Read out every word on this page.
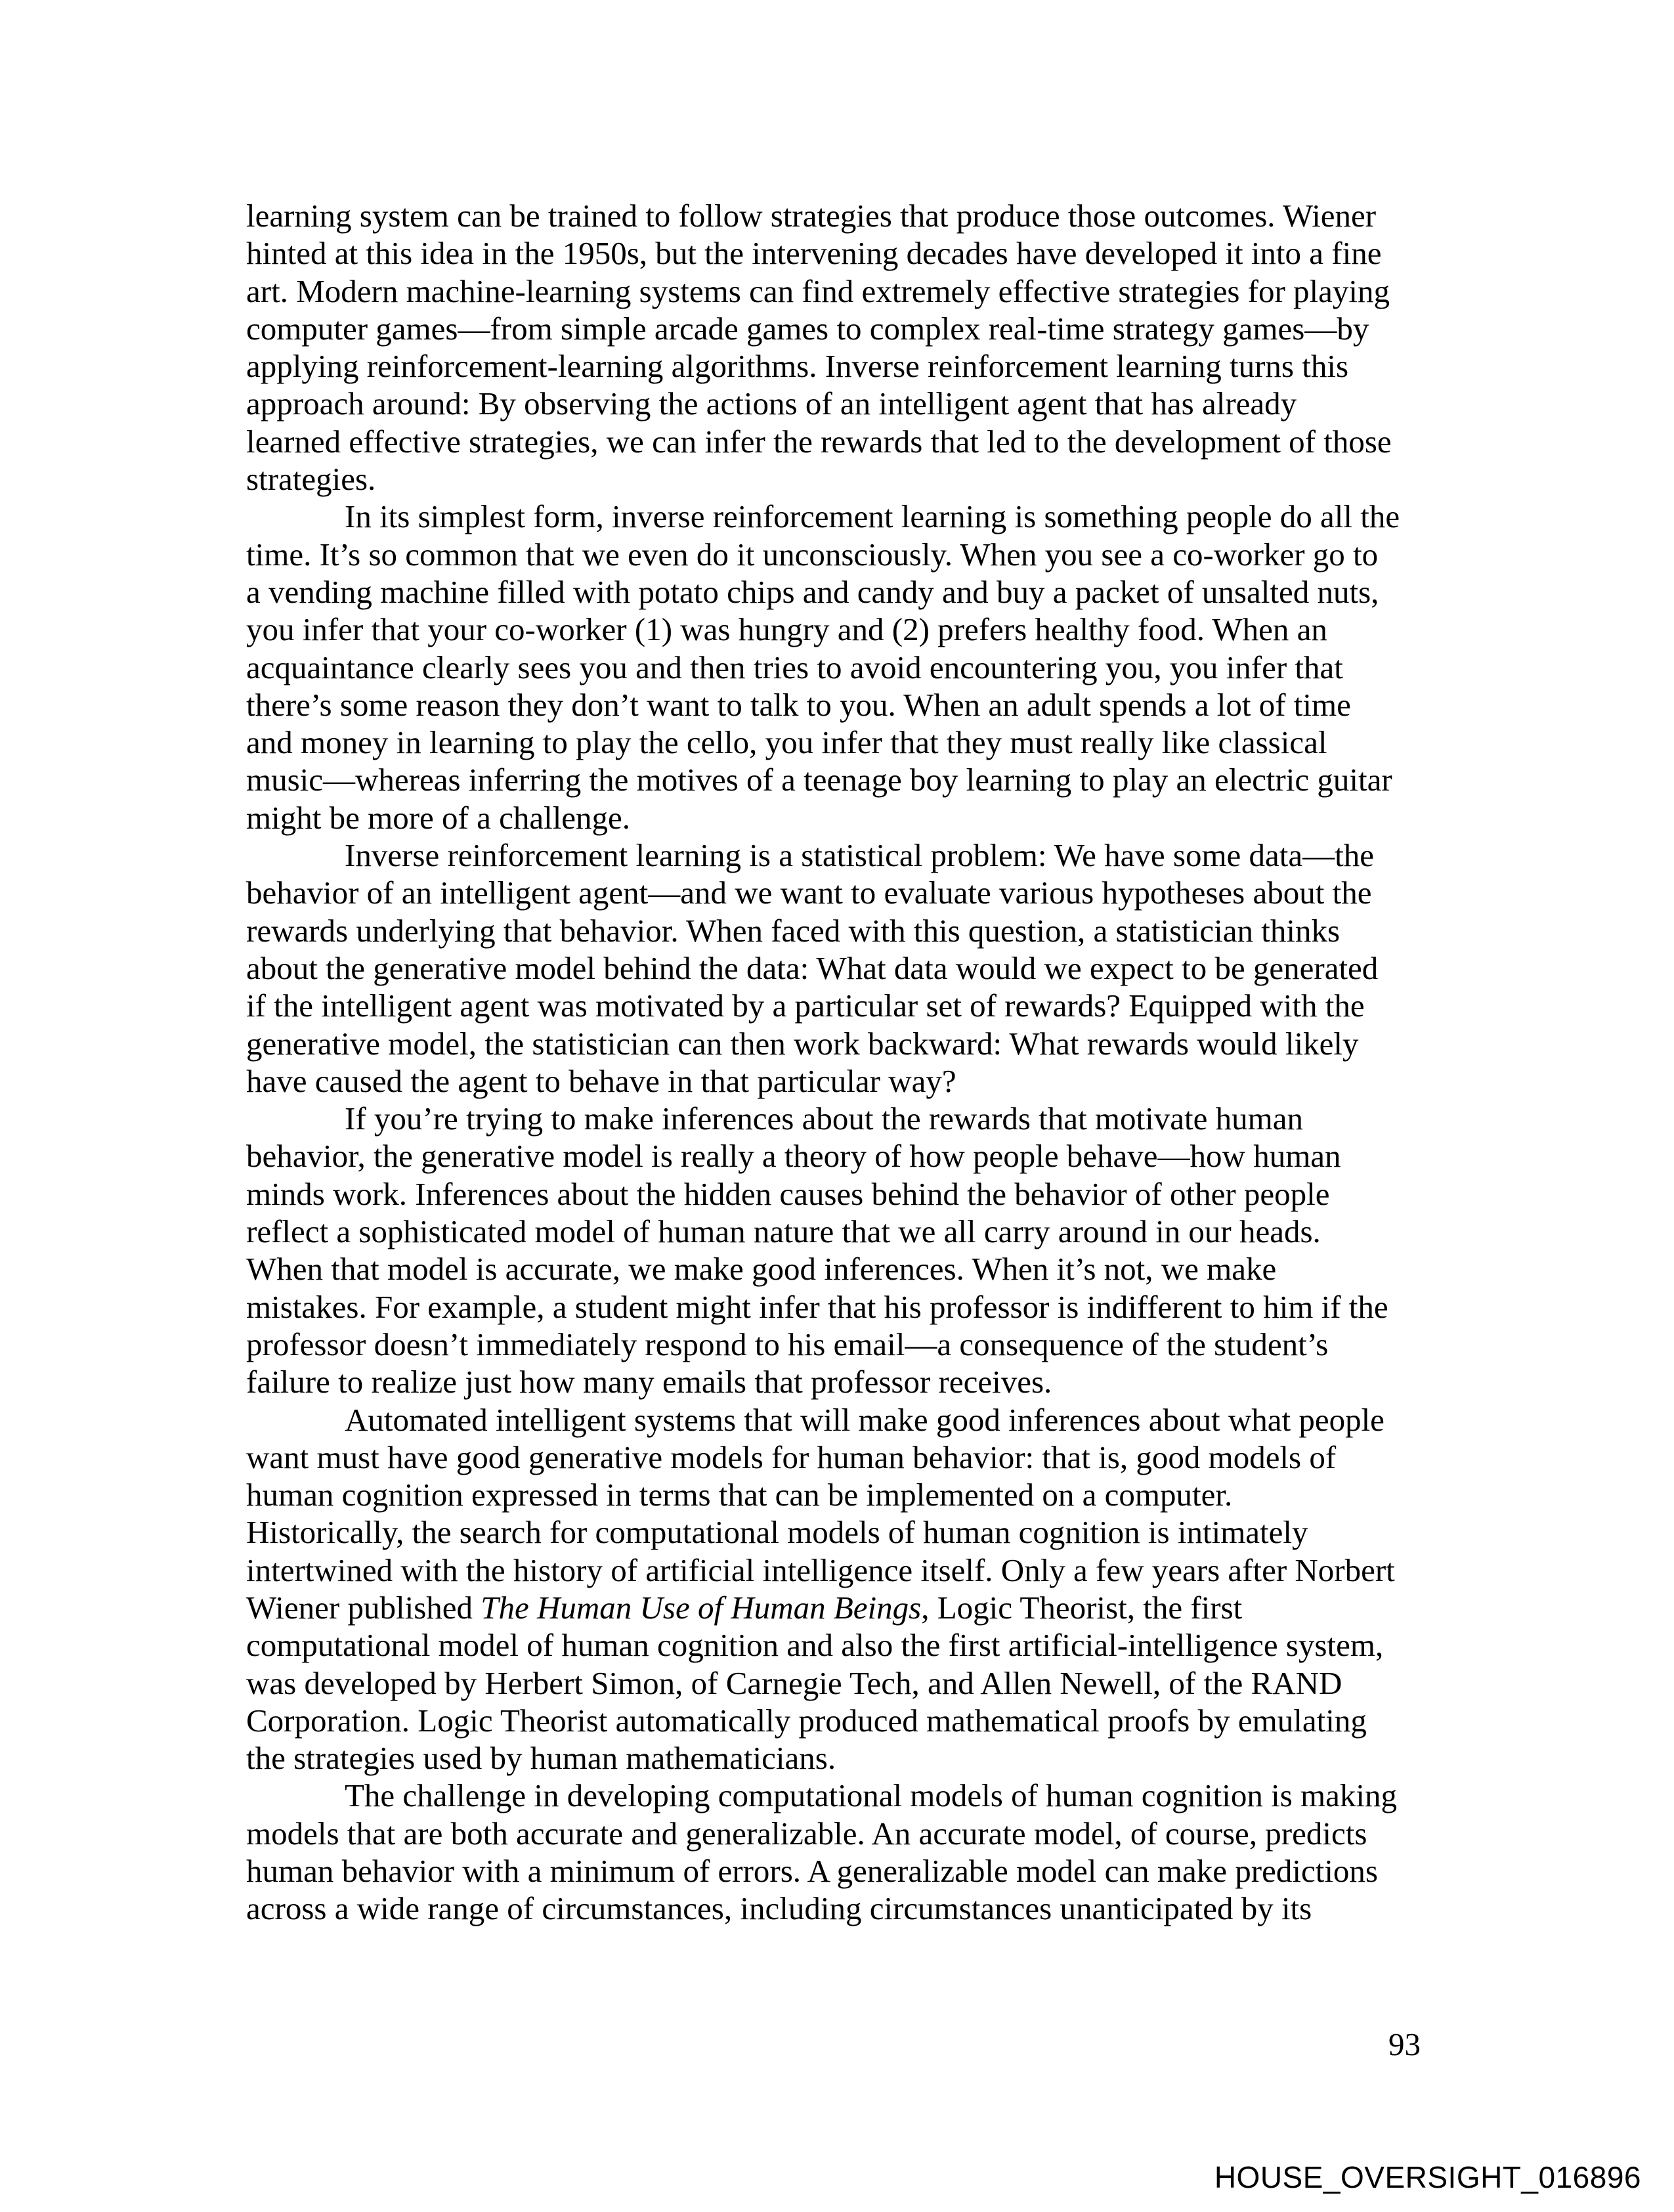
learning system can be trained to follow strategies that produce those outcomes. Wiener
hinted at this idea in the 1950s, but the intervening decades have developed it into a fine
art. Modern machine-learning systems can find extremely effective strategies for playing
computer games—from simple arcade games to complex real-time strategy games—by
applying reinforcement-learning algorithms. Inverse reinforcement learning turns this
approach around: By observing the actions of an intelligent agent that has already
learned effective strategies, we can infer the rewards that led to the development of those
strategies.
In its simplest form, inverse reinforcement learning is something people do all the
time. It’s so common that we even do it unconsciously. When you see a co-worker go to
a vending machine filled with potato chips and candy and buy a packet of unsalted nuts,
you infer that your co-worker (1) was hungry and (2) prefers healthy food. When an
acquaintance clearly sees you and then tries to avoid encountering you, you infer that
there’s some reason they don’t want to talk to you. When an adult spends a lot of time
and money in learning to play the cello, you infer that they must really like classical
music—whereas inferring the motives of a teenage boy learning to play an electric guitar
might be more of a challenge.
Inverse reinforcement learning is a statistical problem: We have some data—the
behavior of an intelligent agent—and we want to evaluate various hypotheses about the
rewards underlying that behavior. When faced with this question, a statistician thinks
about the generative model behind the data: What data would we expect to be generated
if the intelligent agent was motivated by a particular set of rewards? Equipped with the
generative model, the statistician can then work backward: What rewards would likely
have caused the agent to behave in that particular way?
If you’re trying to make inferences about the rewards that motivate human
behavior, the generative model is really a theory of how people behave—how human
minds work. Inferences about the hidden causes behind the behavior of other people
reflect a sophisticated model of human nature that we all carry around in our heads.
When that model is accurate, we make good inferences. When it’s not, we make
mistakes. For example, a student might infer that his professor is indifferent to him if the
professor doesn’t immediately respond to his email—a consequence of the student’s
failure to realize just how many emails that professor receives.
Automated intelligent systems that will make good inferences about what people
want must have good generative models for human behavior: that is, good models of
human cognition expressed in terms that can be implemented on a computer.
Historically, the search for computational models of human cognition is intimately
intertwined with the history of artificial intelligence itself. Only a few years after Norbert
Wiener published The Human Use of Human Beings, Logic Theorist, the first
computational model of human cognition and also the first artificial-intelligence system,
was developed by Herbert Simon, of Carnegie Tech, and Allen Newell, of the RAND
Corporation. Logic Theorist automatically produced mathematical proofs by emulating
the strategies used by human mathematicians.
The challenge in developing computational models of human cognition is making
models that are both accurate and generalizable. An accurate model, of course, predicts
human behavior with a minimum of errors. A generalizable model can make predictions
across a wide range of circumstances, including circumstances unanticipated by its
93
HOUSE_OVERSIGHT_016896
